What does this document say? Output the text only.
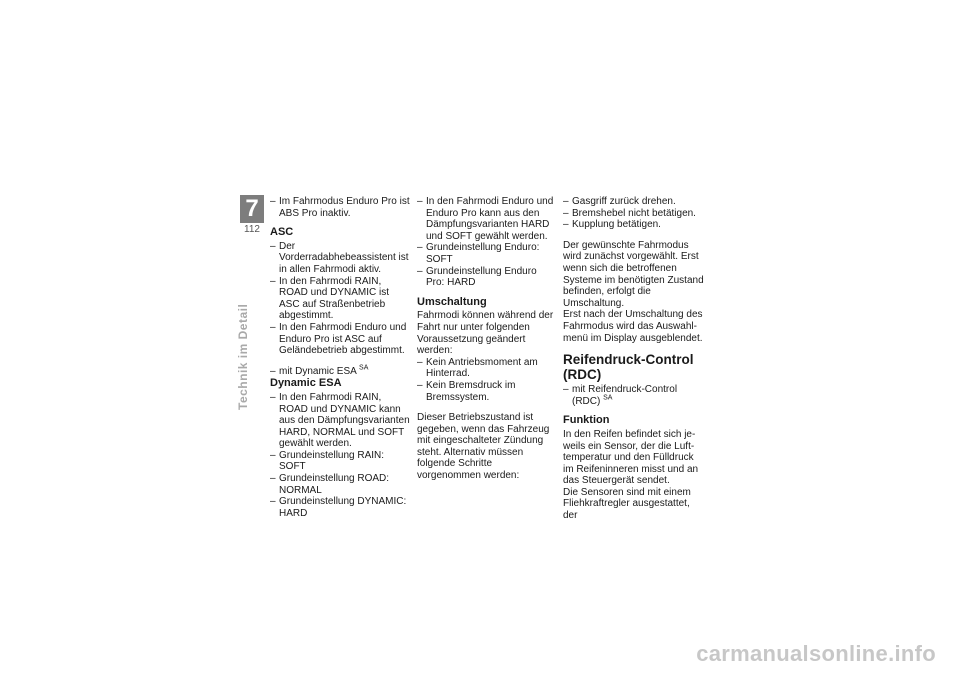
7
112
Technik im Detail
– Im Fahrmodus Enduro Pro ist ABS Pro inaktiv.
ASC
– Der Vorderradabhebeassistent ist in allen Fahrmodi aktiv.
– In den Fahrmodi RAIN, ROAD und DYNAMIC ist ASC auf Straßenbetrieb abgestimmt.
– In den Fahrmodi Enduro und Enduro Pro ist ASC auf Geländebetrieb abgestimmt.
– mit Dynamic ESA $^{SA}$
Dynamic ESA
– In den Fahrmodi RAIN, ROAD und DYNAMIC kann aus den Dämpfungsvarianten HARD, NORMAL und SOFT gewählt werden.
– Grundeinstellung RAIN: SOFT
– Grundeinstellung ROAD: NORMAL
– Grundeinstellung DYNAMIC: HARD
– In den Fahrmodi Enduro und Enduro Pro kann aus den Dämpfungsvarianten HARD und SOFT gewählt werden.
– Grundeinstellung Enduro: SOFT
– Grundeinstellung Enduro Pro: HARD
Umschaltung

Fahrmodi können während der Fahrt nur unter folgenden Voraussetzung geändert werden:

– Kein Antriebsmoment am Hinterrad.
– Kein Bremsdruck im Bremssystem.

Dieser Betriebszustand ist gegeben, wenn das Fahrzeug mit eingeschalteter Zündung steht. Alternativ müssen folgende Schritte vorgenommen werden:

– Gasgriff zurück drehen.
– Bremshebel nicht betätigen.
– Kupplung betätigen.

Der gewünschte Fahrmodus wird zunächst vorgewählt. Erst wenn sich die betroffenen Systeme im benötigten Zustand befinden, erfolgt die Umschaltung.

Erst nach der Umschaltung des Fahrmodus wird das Auswahlmenü im Display ausgeblendet.

Reifendruck-Control (RDC)
– mit Reifendruck-Control (RDC) $^{SA}$
Funktion

In den Reifen befindet sich jeweils ein Sensor, der die Lufttemperatur und den Fülldruck im Reifeninneren misst und an das Steuergerät sendet.

Die Sensoren sind mit einem Fliehkraftregler ausgestattet, der

carmanualsonline.info
